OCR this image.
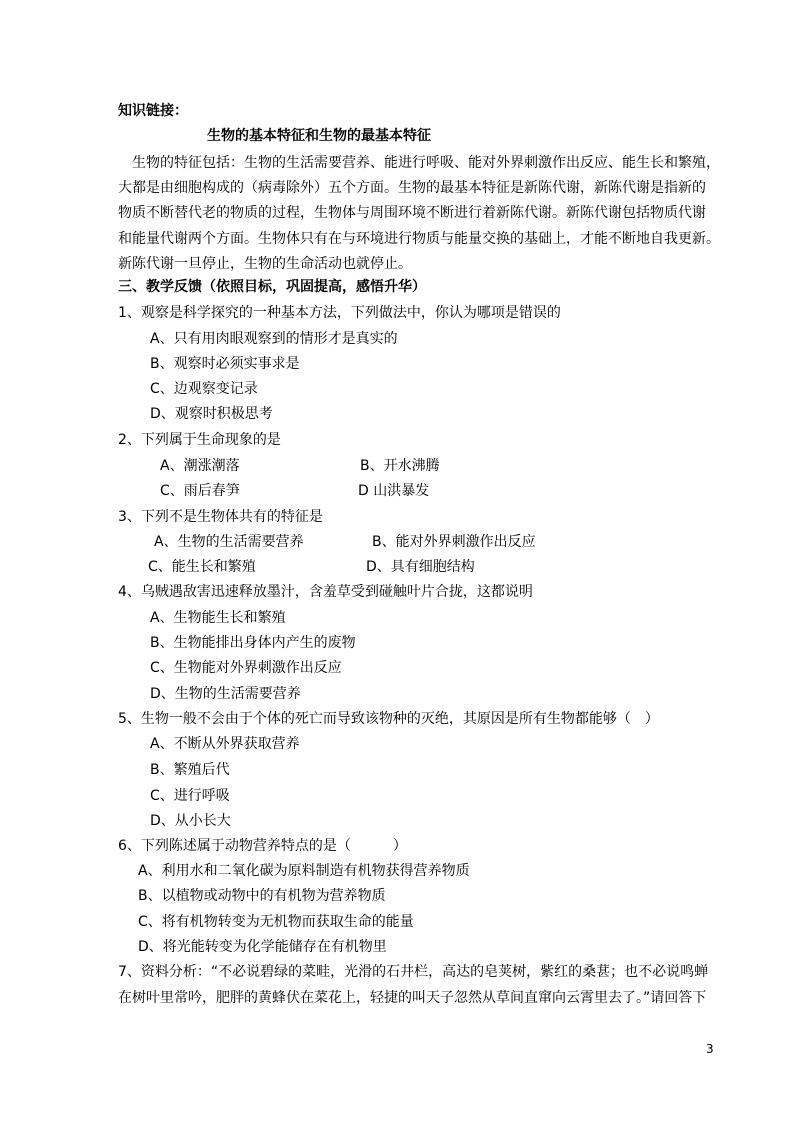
知识链接：
生物的基本特征和生物的最基本特征
生物的特征包括：生物的生活需要营养、能进行呼吸、能对外界刺激作出反应、能生长和繁殖，
大都是由细胞构成的（病毒除外）五个方面。生物的最基本特征是新陈代谢，新陈代谢是指新的
物质不断替代老的物质的过程，生物体与周围环境不断进行着新陈代谢。新陈代谢包括物质代谢
和能量代谢两个方面。生物体只有在与环境进行物质与能量交换的基础上，才能不断地自我更新。
新陈代谢一旦停止，生物的生命活动也就停止。
三、教学反馈（依照目标，巩固提高，感悟升华）
1、观察是科学探究的一种基本方法，下列做法中，你认为哪项是错误的
A、只有用肉眼观察到的情形才是真实的
B、观察时必须实事求是
C、边观察变记录
D、观察时积极思考
2、下列属于生命现象的是
A、潮涨潮落	B、开水沸腾
C、雨后春笋	D 山洪暴发
3、下列不是生物体共有的特征是
A、生物的生活需要营养	B、能对外界刺激作出反应
C、能生长和繁殖	D、具有细胞结构
4、乌贼遇敌害迅速释放墨汁，含羞草受到碰触叶片合拢，这都说明
A、生物能生长和繁殖
B、生物能排出身体内产生的废物
C、生物能对外界刺激作出反应
D、生物的生活需要营养
5、生物一般不会由于个体的死亡而导致该物种的灭绝，其原因是所有生物都能够（　）
A、不断从外界获取营养
B、繁殖后代
C、进行呼吸
D、从小长大
6、下列陈述属于动物营养特点的是（　　　）
A、利用水和二氧化碳为原料制造有机物获得营养物质
B、以植物或动物中的有机物为营养物质
C、将有机物转变为无机物而获取生命的能量
D、将光能转变为化学能储存在有机物里
7、资料分析：“不必说碧绿的菜畦，光滑的石井栏，高达的皂荚树，紫红的桑葚；也不必说鸣蝉
在树叶里常吟，肥胖的黄蜂伏在菜花上，轻捷的叫天子忽然从草间直窜向云霄里去了。”请回答下
3
